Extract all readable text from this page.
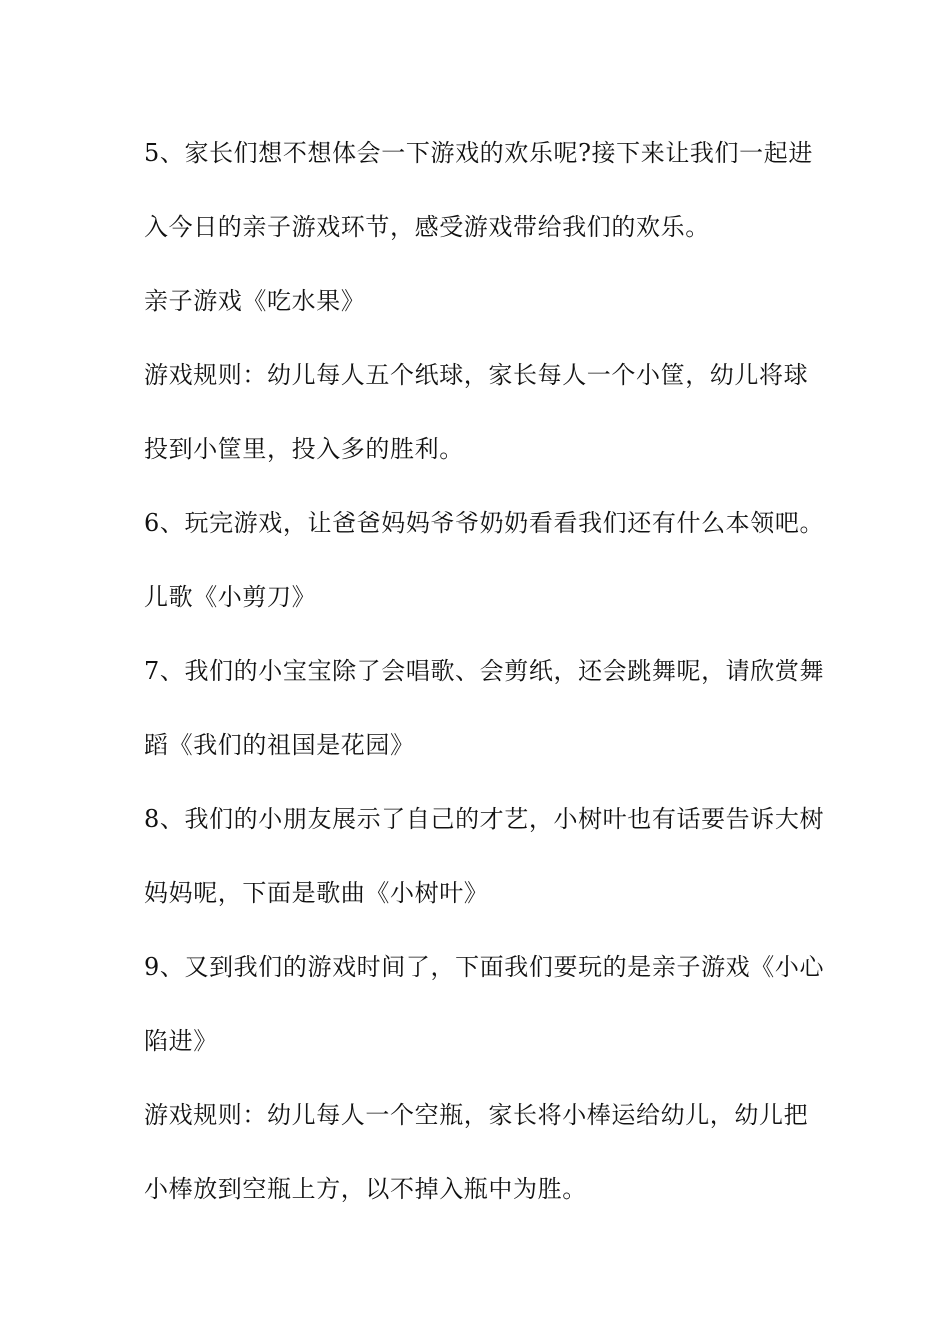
5、家长们想不想体会一下游戏的欢乐呢?接下来让我们一起进
入今日的亲子游戏环节，感受游戏带给我们的欢乐。
亲子游戏《吃水果》
游戏规则：幼儿每人五个纸球，家长每人一个小筐，幼儿将球
投到小筐里，投入多的胜利。
6、玩完游戏，让爸爸妈妈爷爷奶奶看看我们还有什么本领吧。
儿歌《小剪刀》
7、我们的小宝宝除了会唱歌、会剪纸，还会跳舞呢，请欣赏舞
蹈《我们的祖国是花园》
8、我们的小朋友展示了自己的才艺，小树叶也有话要告诉大树
妈妈呢，下面是歌曲《小树叶》
9、又到我们的游戏时间了，下面我们要玩的是亲子游戏《小心
陷进》
游戏规则：幼儿每人一个空瓶，家长将小棒运给幼儿，幼儿把
小棒放到空瓶上方，以不掉入瓶中为胜。
